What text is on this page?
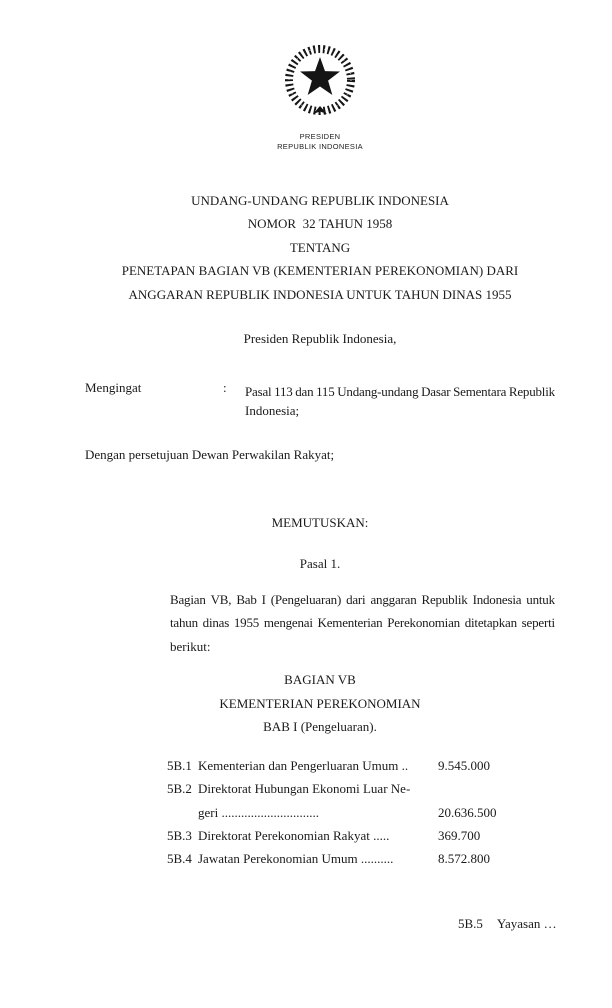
PRESIDEN
REPUBLIK INDONESIA
UNDANG-UNDANG REPUBLIK INDONESIA
NOMOR  32 TAHUN 1958
TENTANG
PENETAPAN BAGIAN VB (KEMENTERIAN PEREKONOMIAN) DARI
ANGGARAN REPUBLIK INDONESIA UNTUK TAHUN DINAS 1955
Presiden Republik Indonesia,
Mengingat	: Pasal 113 dan 115 Undang-undang Dasar Sementara Republik
Indonesia;
Dengan persetujuan Dewan Perwakilan Rakyat;
MEMUTUSKAN:
Pasal 1.
Bagian VB, Bab I (Pengeluaran) dari anggaran Republik Indonesia untuk
tahun dinas 1955 mengenai Kementerian Perekonomian ditetapkan seperti
berikut:
BAGIAN VB
KEMENTERIAN PEREKONOMIAN
BAB I (Pengeluaran).
5B.1 Kementerian dan Pengerluaran Umum ..	9.545.000
5B.2 Direktorat Hubungan Ekonomi Luar Ne-
geri ..............................	20.636.500
5B.3 Direktorat Perekonomian Rakyat .....	369.700
5B.4 Jawatan Perekonomian Umum ..........	8.572.800
5B.5 Yayasan …
